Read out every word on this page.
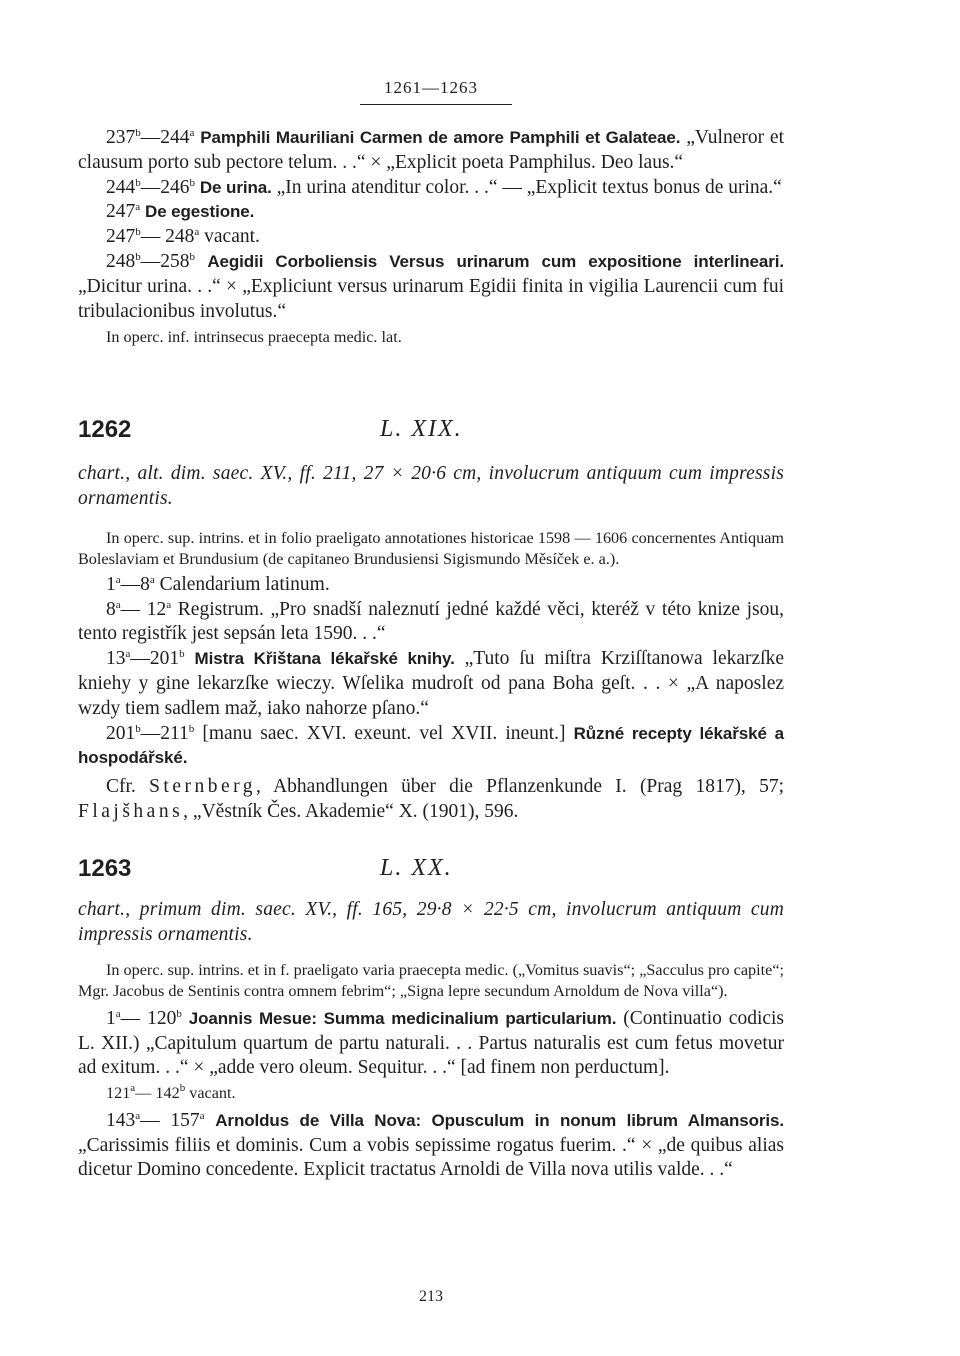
1261—1263

237$^b$—244$^a$ Pamphili Mauriliani Carmen de amore Pamphili et Galateae. „Vulneror et clausum porto sub pectore telum. . .“ × „Explicit poeta Pamphilus. Deo laus.“

244$^b$—246$^b$ De urina. „In urina atenditur color. . .“ — „Explicit textus bonus de urina.“

247$^a$ De egestione.

247$^b$— 248$^a$ vacant.

248$^b$—258$^b$ Aegidii Corboliensis Versus urinarum cum expositione interlineari. „Dicitur urina. . .“ × „Expliciunt versus urinarum Egidii finita in vigilia Laurencii cum fui tribulacionibus involutus.“

In operc. inf. intrinsecus praecepta medic. lat.

1262	L. XIX.

chart., alt. dim. saec. XV., ff. 211, 27 × 20·6 cm, involucrum antiquum cum impressis ornamentis.

In operc. sup. intrins. et in folio praeligato annotationes historicae 1598 — 1606 concernentes Antiquam Boleslaviam et Brundusium (de capitaneo Brundusiensi Sigismundo Měsíček e. a.).

1$^a$—8$^a$ Calendarium latinum.

8$^a$— 12$^a$ Registrum. „Pro snadší naleznutí jedné každé věci, kteréž v této knize jsou, tento registřík jest sepsán leta 1590. . .“

13$^a$—201$^b$ Mistra Křištana lékařské knihy. „Tuto ſu miſtra Krziſſtanowa lekarzſke kniehy y gine lekarzſke wieczy. Wſelika mudroſt od pana Boha geſt. . . × „A naposlez wzdy tiem sadlem maž, iako nahorze pſano.“

201$^b$—211$^b$ [manu saec. XVI. exeunt. vel XVII. ineunt.] Různé recepty lékařské a hospodářské.

Cfr. Sternberg, Abhandlungen über die Pflanzenkunde I. (Prag 1817), 57; Flajšhans, „Věstník Čes. Akademie“ X. (1901), 596.

1263	L. XX.

chart., primum dim. saec. XV., ff. 165, 29·8 × 22·5 cm, involucrum antiquum cum impressis ornamentis.

In operc. sup. intrins. et in f. praeligato varia praecepta medic. („Vomitus suavis“; „Sacculus pro capite“; Mgr. Jacobus de Sentinis contra omnem febrim“; „Signa lepre secundum Arnoldum de Nova villa“).

1$^a$— 120$^b$ Joannis Mesue: Summa medicinalium particularium. (Continuatio codicis L. XII.) „Capitulum quartum de partu naturali. . . Partus naturalis est cum fetus movetur ad exitum. . .“ × „adde vero oleum. Sequitur. . .“ [ad finem non perductum].

121$^a$— 142$^b$ vacant.

143$^a$— 157$^a$ Arnoldus de Villa Nova: Opusculum in nonum librum Almansoris. „Carissimis filiis et dominis. Cum a vobis sepissime rogatus fuerim. .“ × „de quibus alias dicetur Domino concedente. Explicit tractatus Arnoldi de Villa nova utilis valde. . .“

213
